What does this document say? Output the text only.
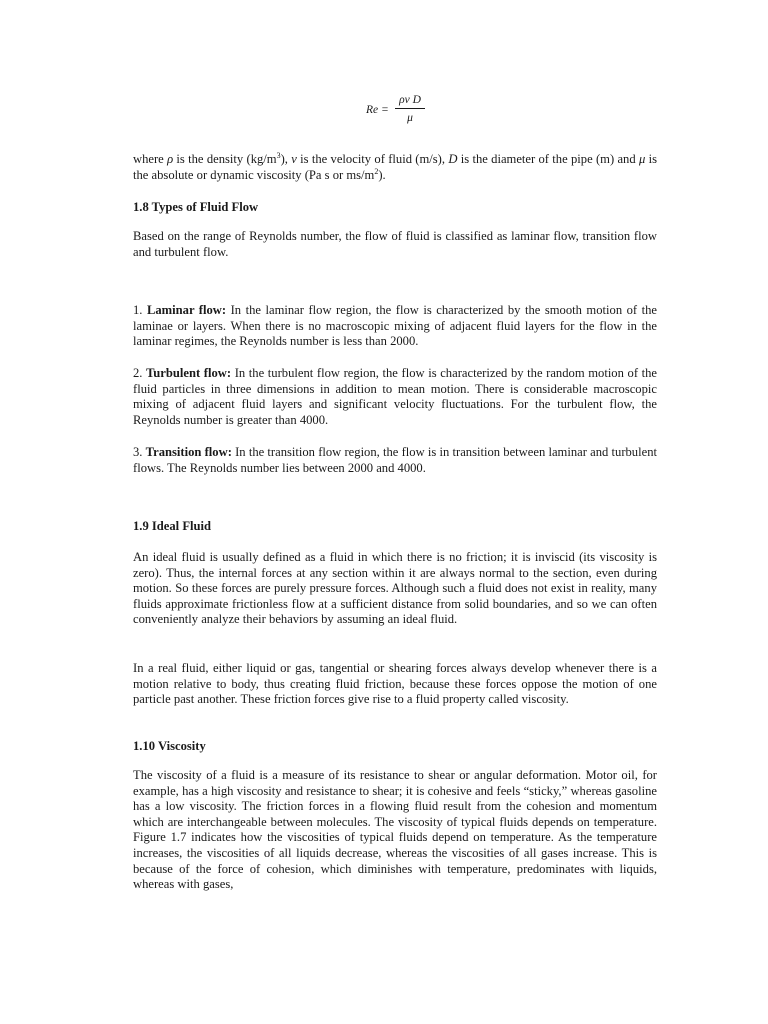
$Re = \frac{\text{ρv D}}{\mu}$

where ρ is the density $(kg/m^3)$, v is the velocity of fluid (m/s), D is the diameter of the pipe (m) and μ is the absolute or dynamic viscosity (Pa s or $ms/m^2$).

1.8 Types of Fluid Flow

Based on the range of Reynolds number, the flow of fluid is classified as laminar flow, transition flow and turbulent flow.

1. Laminar flow: In the laminar flow region, the flow is characterized by the smooth motion of the laminae or layers. When there is no macroscopic mixing of adjacent fluid layers for the flow in the laminar regimes, the Reynolds number is less than 2000.

2. Turbulent flow: In the turbulent flow region, the flow is characterized by the random motion of the fluid particles in three dimensions in addition to mean motion. There is considerable macroscopic mixing of adjacent fluid layers and significant velocity fluctuations. For the turbulent flow, the Reynolds number is greater than 4000.

3. Transition flow: In the transition flow region, the flow is in transition between laminar and turbulent flows. The Reynolds number lies between 2000 and 4000.

1.9 Ideal Fluid

An ideal fluid is usually defined as a fluid in which there is no friction; it is inviscid (its viscosity is zero). Thus, the internal forces at any section within it are always normal to the section, even during motion. So these forces are purely pressure forces. Although such a fluid does not exist in reality, many fluids approximate frictionless flow at a sufficient distance from solid boundaries, and so we can often conveniently analyze their behaviors by assuming an ideal fluid.

In a real fluid, either liquid or gas, tangential or shearing forces always develop whenever there is a motion relative to body, thus creating fluid friction, because these forces oppose the motion of one particle past another. These friction forces give rise to a fluid property called viscosity.

1.10 Viscosity

The viscosity of a fluid is a measure of its resistance to shear or angular deformation. Motor oil, for example, has a high viscosity and resistance to shear; it is cohesive and feels “sticky,” whereas gasoline has a low viscosity. The friction forces in a flowing fluid result from the cohesion and momentum which are interchangeable between molecules. The viscosity of typical fluids depends on temperature. Figure 1.7 indicates how the viscosities of typical fluids depend on temperature. As the temperature increases, the viscosities of all liquids decrease, whereas the viscosities of all gases increase. This is because of the force of cohesion, which diminishes with temperature, predominates with liquids, whereas with gases,
